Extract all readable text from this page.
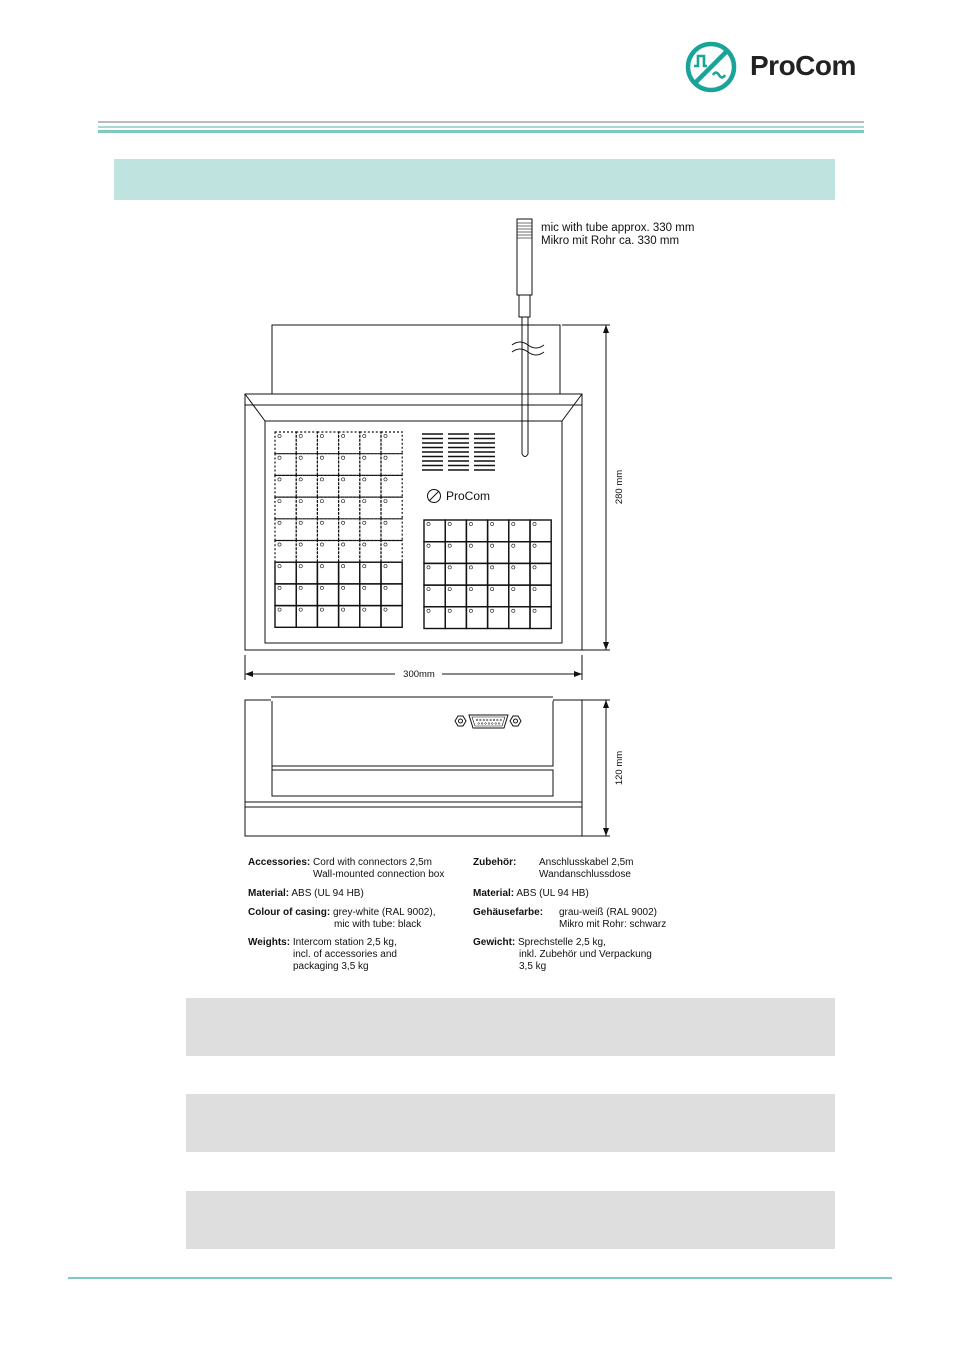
ProCom
mic with tube approx. 330 mm
Mikro mit Rohr ca. 330 mm
ProCom	280 mm
300mm
120 mm
Accessories: Cord with connectors 2,5m
Wall-mounted connection box
Material: ABS (UL 94 HB)
Colour of casing: grey-white (RAL 9002),
mic with tube: black
Weights: Intercom station 2,5 kg,
incl. of accessories and
packaging 3,5 kg
Zubehör: Anschlusskabel 2,5m
Wandanschlussdose
Material: ABS (UL 94 HB)
Gehäusefarbe: grau-weiß (RAL 9002)
Mikro mit Rohr: schwarz
Gewicht: Sprechstelle 2,5 kg,
inkl. Zubehör und Verpackung
3,5 kg
